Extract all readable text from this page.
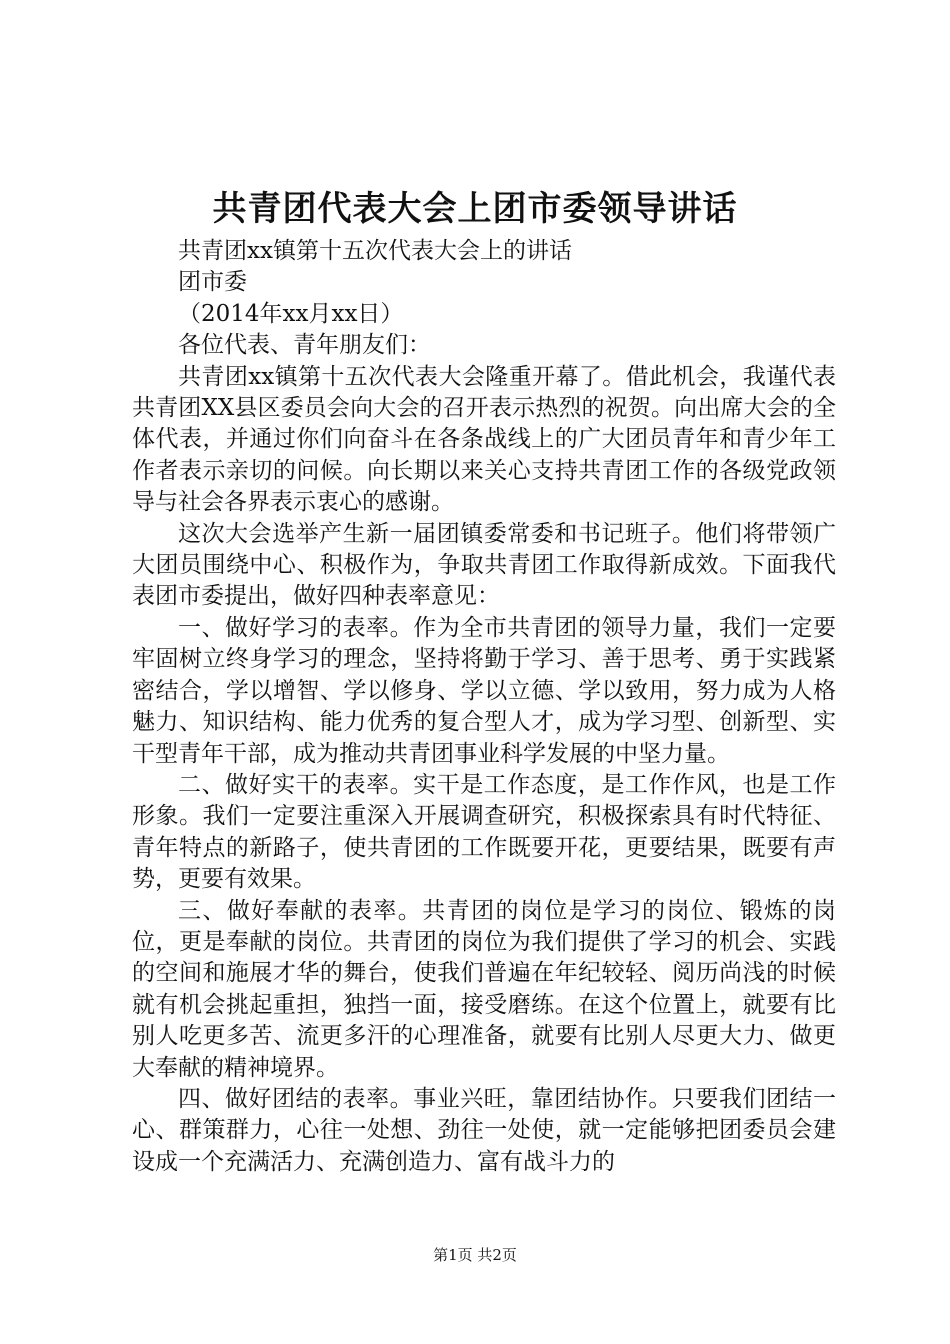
共青团代表大会上团市委领导讲话

共青团xx镇第十五次代表大会上的讲话

团市委

（2014年xx月xx日）

各位代表、青年朋友们：

共青团xx镇第十五次代表大会隆重开幕了。借此机会，我谨代表共青团XX县区委员会向大会的召开表示热烈的祝贺。向出席大会的全体代表，并通过你们向奋斗在各条战线上的广大团员青年和青少年工作者表示亲切的问候。向长期以来关心支持共青团工作的各级党政领导与社会各界表示衷心的感谢。

这次大会选举产生新一届团镇委常委和书记班子。他们将带领广大团员围绕中心、积极作为，争取共青团工作取得新成效。下面我代表团市委提出，做好四种表率意见：

一、做好学习的表率。作为全市共青团的领导力量，我们一定要牢固树立终身学习的理念，坚持将勤于学习、善于思考、勇于实践紧密结合，学以增智、学以修身、学以立德、学以致用，努力成为人格魅力、知识结构、能力优秀的复合型人才，成为学习型、创新型、实干型青年干部，成为推动共青团事业科学发展的中坚力量。

二、做好实干的表率。实干是工作态度，是工作作风，也是工作形象。我们一定要注重深入开展调查研究，积极探索具有时代特征、青年特点的新路子，使共青团的工作既要开花，更要结果，既要有声势，更要有效果。

三、做好奉献的表率。共青团的岗位是学习的岗位、锻炼的岗位，更是奉献的岗位。共青团的岗位为我们提供了学习的机会、实践的空间和施展才华的舞台，使我们普遍在年纪较轻、阅历尚浅的时候就有机会挑起重担，独挡一面，接受磨练。在这个位置上，就要有比别人吃更多苦、流更多汗的心理准备，就要有比别人尽更大力、做更大奉献的精神境界。

四、做好团结的表率。事业兴旺，靠团结协作。只要我们团结一心、群策群力，心往一处想、劲往一处使，就一定能够把团委员会建设成一个充满活力、充满创造力、富有战斗力的

第1页 共2页
